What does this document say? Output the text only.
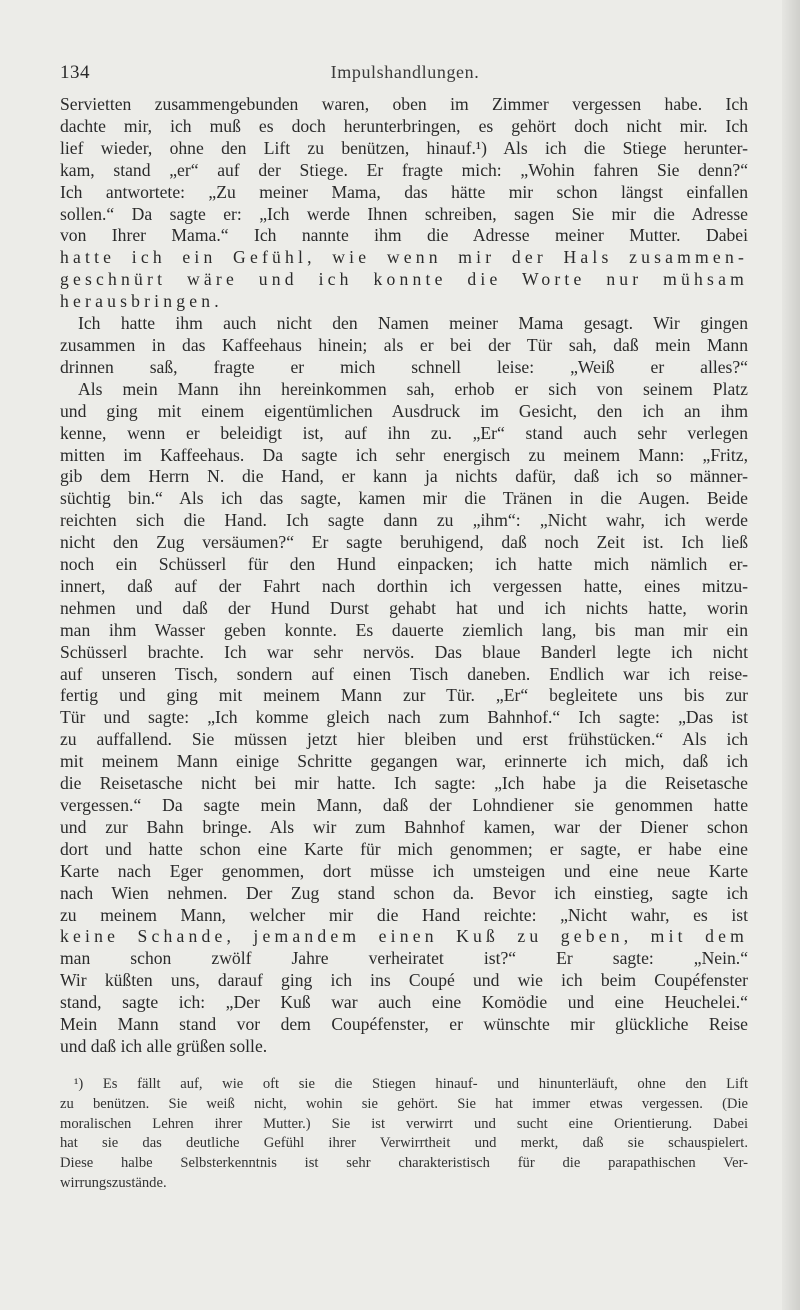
134	Impulshandlungen.
Servietten zusammengebunden waren, oben im Zimmer vergessen habe. Ich
dachte mir, ich muß es doch herunterbringen, es gehört doch nicht mir. Ich
lief wieder, ohne den Lift zu benützen, hinauf.¹) Als ich die Stiege herunter-
kam, stand „er“ auf der Stiege. Er fragte mich: „Wohin fahren Sie denn?“
Ich antwortete: „Zu meiner Mama, das hätte mir schon längst einfallen
sollen.“ Da sagte er: „Ich werde Ihnen schreiben, sagen Sie mir die Adresse
von Ihrer Mama.“ Ich nannte ihm die Adresse meiner Mutter. Dabei
hatte ich ein Gefühl, wie wenn mir der Hals zusammen-
geschnürt wäre und ich konnte die Worte nur mühsam
herausbringen.
Ich hatte ihm auch nicht den Namen meiner Mama gesagt. Wir gingen
zusammen in das Kaffeehaus hinein; als er bei der Tür sah, daß mein Mann
drinnen saß, fragte er mich schnell leise: „Weiß er alles?“
Als mein Mann ihn hereinkommen sah, erhob er sich von seinem Platz
und ging mit einem eigentümlichen Ausdruck im Gesicht, den ich an ihm
kenne, wenn er beleidigt ist, auf ihn zu. „Er“ stand auch sehr verlegen
mitten im Kaffeehaus. Da sagte ich sehr energisch zu meinem Mann: „Fritz,
gib dem Herrn N. die Hand, er kann ja nichts dafür, daß ich so männer-
süchtig bin.“ Als ich das sagte, kamen mir die Tränen in die Augen. Beide
reichten sich die Hand. Ich sagte dann zu „ihm“: „Nicht wahr, ich werde
nicht den Zug versäumen?“ Er sagte beruhigend, daß noch Zeit ist. Ich ließ
noch ein Schüsserl für den Hund einpacken; ich hatte mich nämlich er-
innert, daß auf der Fahrt nach dorthin ich vergessen hatte, eines mitzu-
nehmen und daß der Hund Durst gehabt hat und ich nichts hatte, worin
man ihm Wasser geben konnte. Es dauerte ziemlich lang, bis man mir ein
Schüsserl brachte. Ich war sehr nervös. Das blaue Banderl legte ich nicht
auf unseren Tisch, sondern auf einen Tisch daneben. Endlich war ich reise-
fertig und ging mit meinem Mann zur Tür. „Er“ begleitete uns bis zur
Tür und sagte: „Ich komme gleich nach zum Bahnhof.“ Ich sagte: „Das ist
zu auffallend. Sie müssen jetzt hier bleiben und erst frühstücken.“ Als ich
mit meinem Mann einige Schritte gegangen war, erinnerte ich mich, daß ich
die Reisetasche nicht bei mir hatte. Ich sagte: „Ich habe ja die Reisetasche
vergessen.“ Da sagte mein Mann, daß der Lohndiener sie genommen hatte
und zur Bahn bringe. Als wir zum Bahnhof kamen, war der Diener schon
dort und hatte schon eine Karte für mich genommen; er sagte, er habe eine
Karte nach Eger genommen, dort müsse ich umsteigen und eine neue Karte
nach Wien nehmen. Der Zug stand schon da. Bevor ich einstieg, sagte ich
zu meinem Mann, welcher mir die Hand reichte: „Nicht wahr, es ist
keine Schande, jemandem einen Kuß zu geben, mit dem
man schon zwölf Jahre verheiratet ist?“ Er sagte: „Nein.“
Wir küßten uns, darauf ging ich ins Coupé und wie ich beim Coupéfenster
stand, sagte ich: „Der Kuß war auch eine Komödie und eine Heuchelei.“
Mein Mann stand vor dem Coupéfenster, er wünschte mir glückliche Reise
und daß ich alle grüßen solle.
¹) Es fällt auf, wie oft sie die Stiegen hinauf- und hinunterläuft, ohne den Lift
zu benützen. Sie weiß nicht, wohin sie gehört. Sie hat immer etwas vergessen. (Die
moralischen Lehren ihrer Mutter.) Sie ist verwirrt und sucht eine Orientierung. Dabei
hat sie das deutliche Gefühl ihrer Verwirrtheit und merkt, daß sie schauspielert.
Diese halbe Selbsterkenntnis ist sehr charakteristisch für die parapathischen Ver-
wirrungszustände.
